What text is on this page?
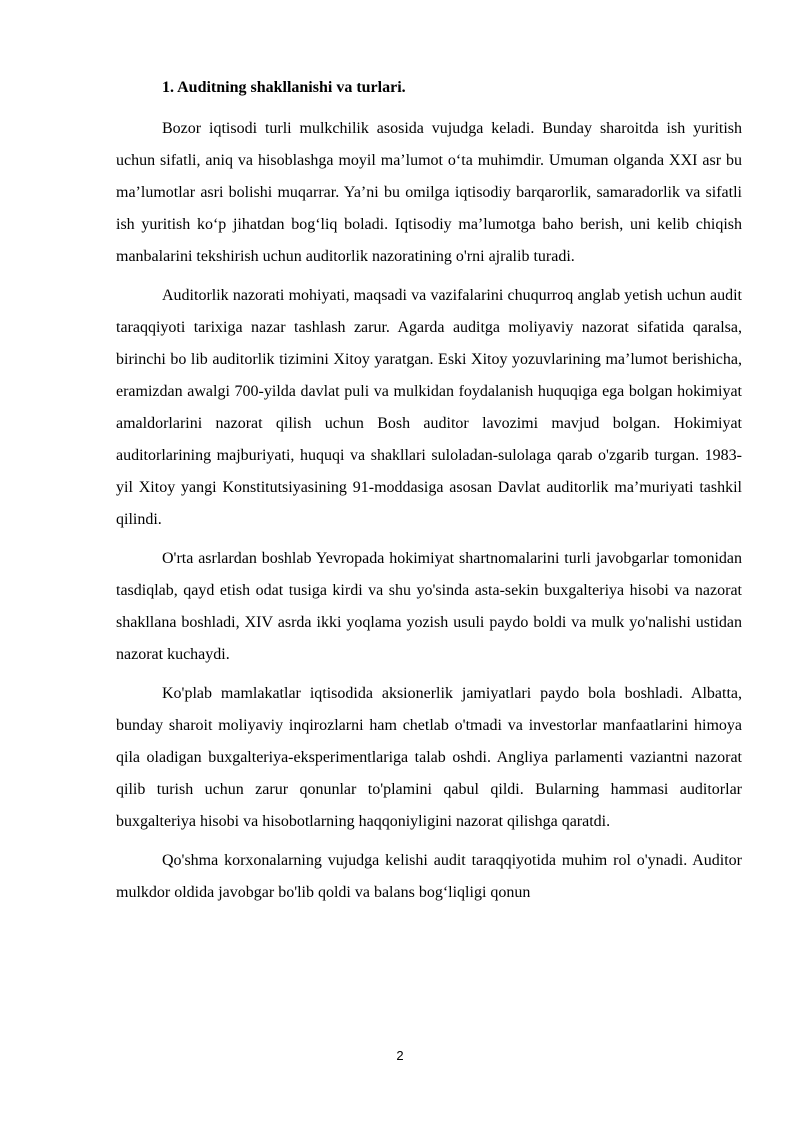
1. Auditning shakllanishi va turlari.

Bozor iqtisodi turli mulkchilik asosida vujudga keladi. Bunday sharoitda ish yuritish uchun sifatli, aniq va hisoblashga moyil ma’lumot o‘ta muhimdir. Umuman olganda XXI asr bu ma’lumotlar asri bolishi muqarrar. Ya’ni bu omilga iqtisodiy barqarorlik, samaradorlik va sifatli ish yuritish ko‘p jihatdan bog‘liq boladi. Iqtisodiy ma’lumotga baho berish, uni kelib chiqish manbalarini tekshirish uchun auditorlik nazoratining o'rni ajralib turadi.

Auditorlik nazorati mohiyati, maqsadi va vazifalarini chuqurroq anglab yetish uchun audit taraqqiyoti tarixiga nazar tashlash zarur. Agarda auditga moliyaviy nazorat sifatida qaralsa, birinchi bo lib auditorlik tizimini Xitoy yaratgan. Eski Xitoy yozuvlarining ma’lumot berishicha, eramizdan awalgi 700-yilda davlat puli va mulkidan foydalanish huquqiga ega bolgan hokimiyat amaldorlarini nazorat qilish uchun Bosh auditor lavozimi mavjud bolgan. Hokimiyat auditorlarining majburiyati, huquqi va shakllari suloladan-sulolaga qarab o'zgarib turgan. 1983-yil Xitoy yangi Konstitutsiyasining 91-moddasiga asosan Davlat auditorlik ma’muriyati tashkil qilindi.

O'rta asrlardan boshlab Yevropada hokimiyat shartnomalarini turli javobgarlar tomonidan tasdiqlab, qayd etish odat tusiga kirdi va shu yo'sinda asta-sekin buxgalteriya hisobi va nazorat shakllana boshladi, XIV asrda ikki yoqlama yozish usuli paydo boldi va mulk yo'nalishi ustidan nazorat kuchaydi.

Ko'plab mamlakatlar iqtisodida aksionerlik jamiyatlari paydo bola boshladi. Albatta, bunday sharoit moliyaviy inqirozlarni ham chetlab o'tmadi va investorlar manfaatlarini himoya qila oladigan buxgalteriya-eksperimentlariga talab oshdi. Angliya parlamenti vaziantni nazorat qilib turish uchun zarur qonunlar to'plamini qabul qildi. Bularning hammasi auditorlar buxgalteriya hisobi va hisobotlarning haqqoniyligini nazorat qilishga qaratdi.

Qo'shma korxonalarning vujudga kelishi audit taraqqiyotida muhim rol o'ynadi. Auditor mulkdor oldida javobgar bo'lib qoldi va balans bog‘liqligi qonun

2
